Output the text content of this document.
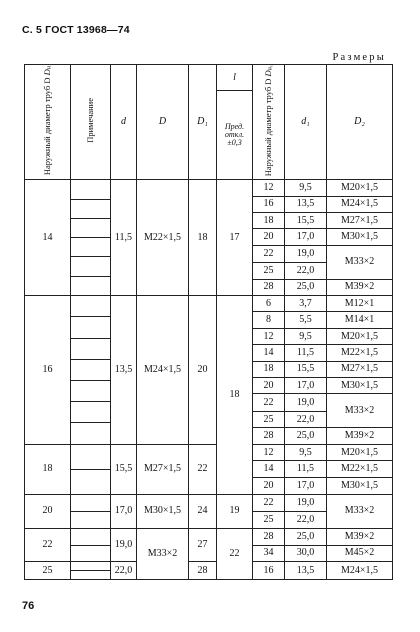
С. 5 ГОСТ 13968—74
Размеры
Наружный диаметр труб D $D_н$	Примечание	d	D	D₁	l	Наружный диаметр труб D $D_{н_1}$	d₁	D₂
					Пред. откл. ±0,3			
14		11,5	M22×1,5	18	17	12	9,5	M20×1,5
						16	13,5	M24×1,5
						18	15,5	M27×1,5
						20	17,0	M30×1,5
						22	19,0	M33×2
						25	22,0	
						28	25,0	M39×2
16		13,5	M24×1,5	20	18	6	3,7	M12×1
						8	5,5	M14×1
						12	9,5	M20×1,5
						14	11,5	M22×1,5
						18	15,5	M27×1,5
						20	17,0	M30×1,5
						22	19,0	M33×2
						25	22,0	
						28	25,0	M39×2
18		15,5	M27×1,5	22		12	9,5	M20×1,5
						14	11,5	M22×1,5
						20	17,0	M30×1,5
20		17,0	M30×1,5	24	19	22	19,0	M33×2
						25	22,0	
22		19,0	M33×2	27	22	28	25,0	M39×2
						34	30,0	M45×2
25		22,0		28		16	13,5	M24×1,5
76
